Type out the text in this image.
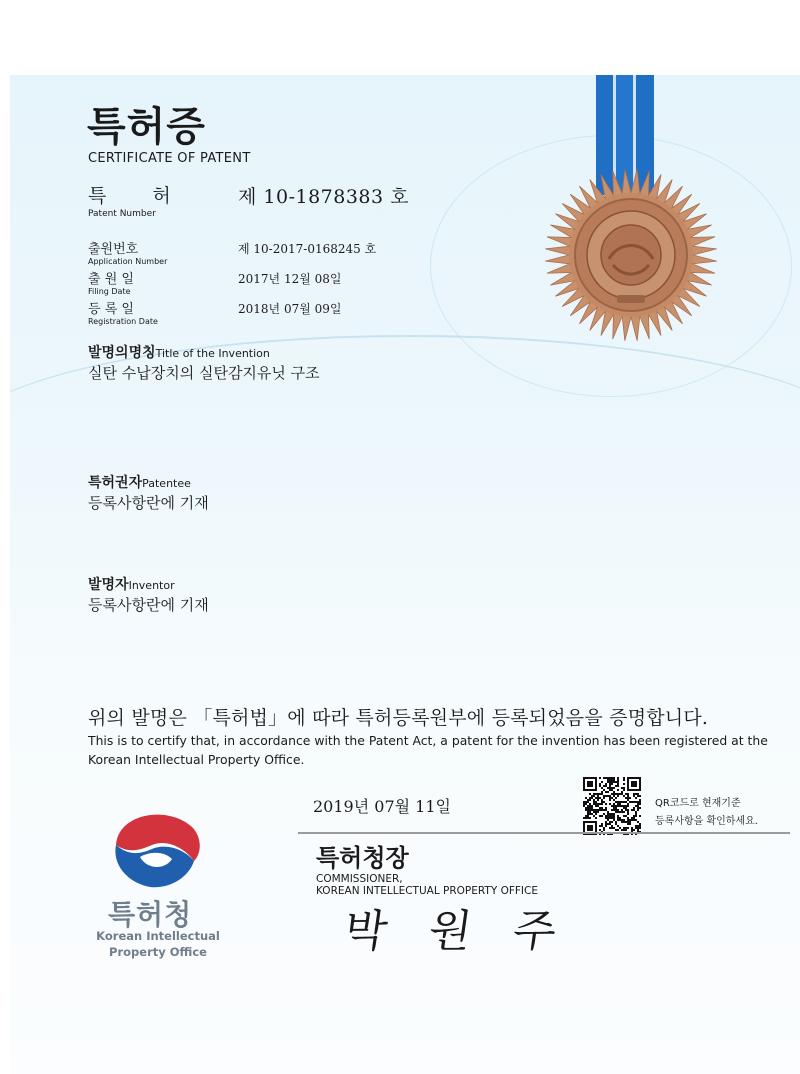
특허증
CERTIFICATE OF PATENT
특허 제 10-1878383 호
Patent Number
출원번호
Application Number
제 10-2017-0168245 호
출 원 일
Filing Date
2017년 12월 08일
등 록 일
Registration Date
2018년 07월 09일
발명의명칭Title of the Invention
실탄 수납장치의 실탄감지유닛 구조
특허권자Patentee
등록사항란에 기재
발명자Inventor
등록사항란에 기재
위의 발명은 「특허법」에 따라 특허등록원부에 등록되었음을 증명합니다.
This is to certify that, in accordance with the Patent Act, a patent for the invention has been registered at the Korean Intellectual Property Office.
2019년 07월 11일	QR코드로 현재기준
등록사항을 확인하세요.
특허청장
COMMISSIONER,
KOREAN INTELLECTUAL PROPERTY OFFICE
박 원 주
특허청
Korean Intellectual
Property Office
